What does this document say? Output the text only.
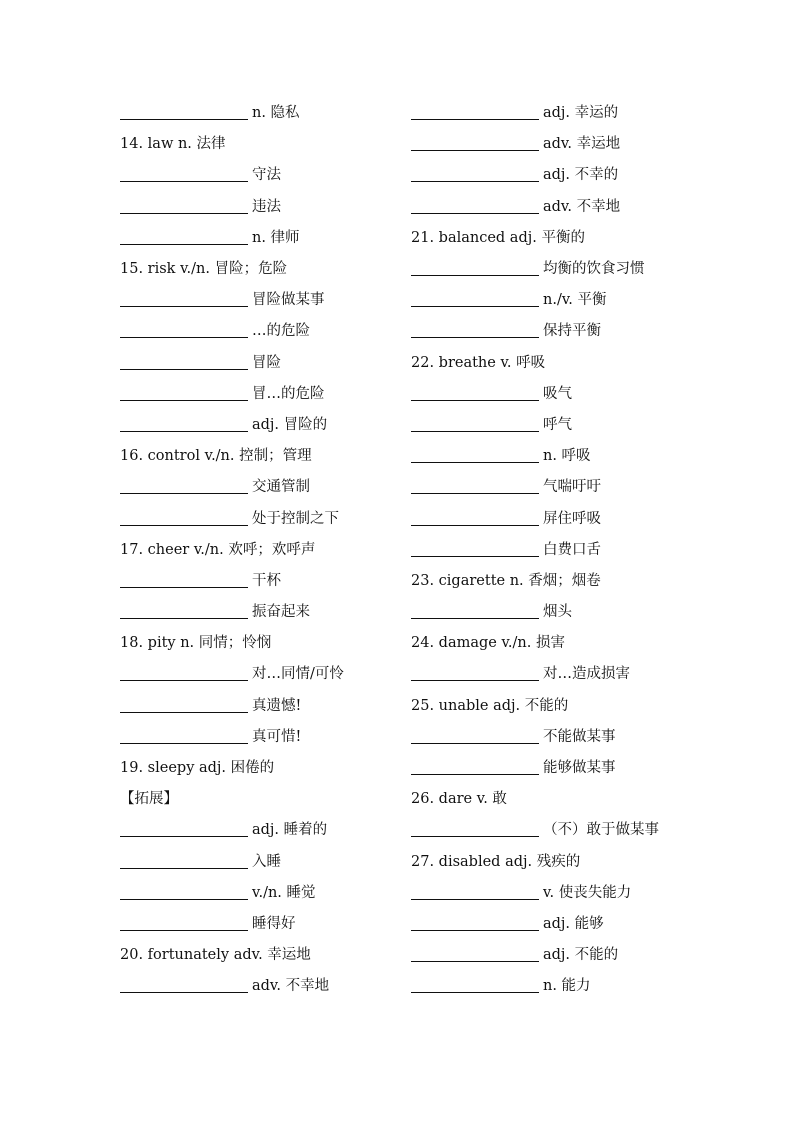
n. 隐私
14. law n. 法律
守法
违法
n. 律师
15. risk v./n. 冒险；危险
冒险做某事
…的危险
冒险
冒…的危险
adj. 冒险的
16. control v./n. 控制；管理
交通管制
处于控制之下
17. cheer v./n. 欢呼；欢呼声
干杯
振奋起来
18. pity n. 同情；怜悯
对…同情/可怜
真遗憾!
真可惜!
19. sleepy adj. 困倦的
【拓展】
adj. 睡着的
入睡
v./n. 睡觉
睡得好
20. fortunately adv. 幸运地
adv. 不幸地
adj. 幸运的
adv. 幸运地
adj. 不幸的
adv. 不幸地
21. balanced adj. 平衡的
均衡的饮食习惯
n./v. 平衡
保持平衡
22. breathe v. 呼吸
吸气
呼气
n. 呼吸
气喘吁吁
屏住呼吸
白费口舌
23. cigarette n. 香烟；烟卷
烟头
24. damage v./n. 损害
对…造成损害
25. unable adj. 不能的
不能做某事
能够做某事
26. dare v. 敢
（不）敢于做某事
27. disabled adj. 残疾的
v. 使丧失能力
adj. 能够
adj. 不能的
n. 能力
